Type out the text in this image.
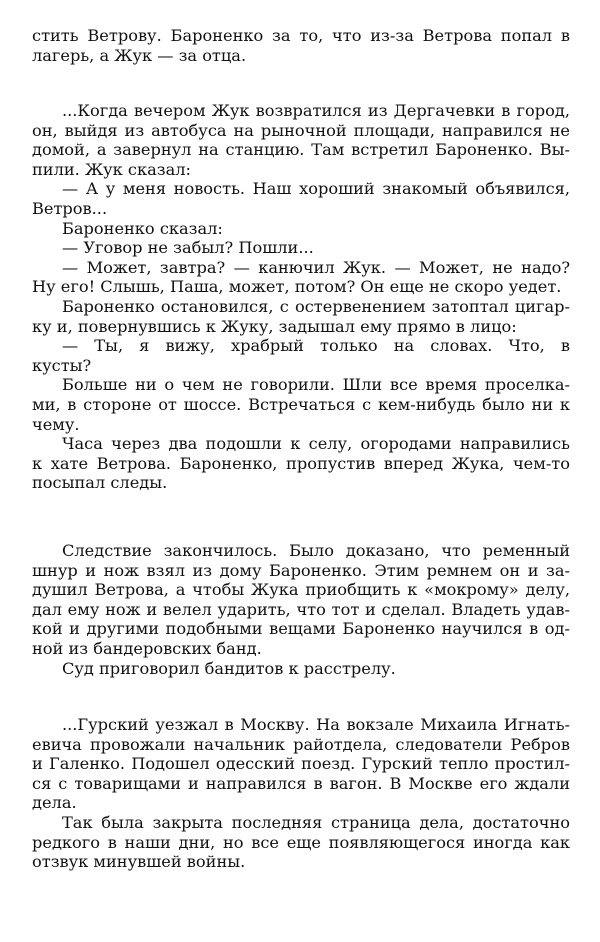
стить Ветрову. Бароненко за то, что из-за Ветрова попал в
лагерь, а Жук — за отца.
...Когда вечером Жук возвратился из Дергачевки в город,
он, выйдя из автобуса на рыночной площади, направился не
домой, а завернул на станцию. Там встретил Бароненко. Вы-
пили. Жук сказал:
— А у меня новость. Наш хороший знакомый объявился,
Ветров...
Бароненко сказал:
— Уговор не забыл? Пошли...
— Может, завтра? — канючил Жук. — Может, не надо?
Ну его! Слышь, Паша, может, потом? Он еще не скоро уедет.
Бароненко остановился, с остервенением затоптал цигар-
ку и, повернувшись к Жуку, задышал ему прямо в лицо:
— Ты, я вижу, храбрый только на словах. Что, в
кусты?
Больше ни о чем не говорили. Шли все время проселка-
ми, в стороне от шоссе. Встречаться с кем-нибудь было ни к
чему.
Часа через два подошли к селу, огородами направились
к хате Ветрова. Бароненко, пропустив вперед Жука, чем-то
посыпал следы.
Следствие закончилось. Было доказано, что ременный
шнур и нож взял из дому Бароненко. Этим ремнем он и за-
душил Ветрова, а чтобы Жука приобщить к «мокрому» делу,
дал ему нож и велел ударить, что тот и сделал. Владеть удав-
кой и другими подобными вещами Бароненко научился в од-
ной из бандеровских банд.
Суд приговорил бандитов к расстрелу.
...Гурский уезжал в Москву. На вокзале Михаила Игнать-
евича провожали начальник райотдела, следователи Ребров
и Галенко. Подошел одесский поезд. Гурский тепло простил-
ся с товарищами и направился в вагон. В Москве его ждали
дела.
Так была закрыта последняя страница дела, достаточно
редкого в наши дни, но все еще появляющегося иногда как
отзвук минувшей войны.
